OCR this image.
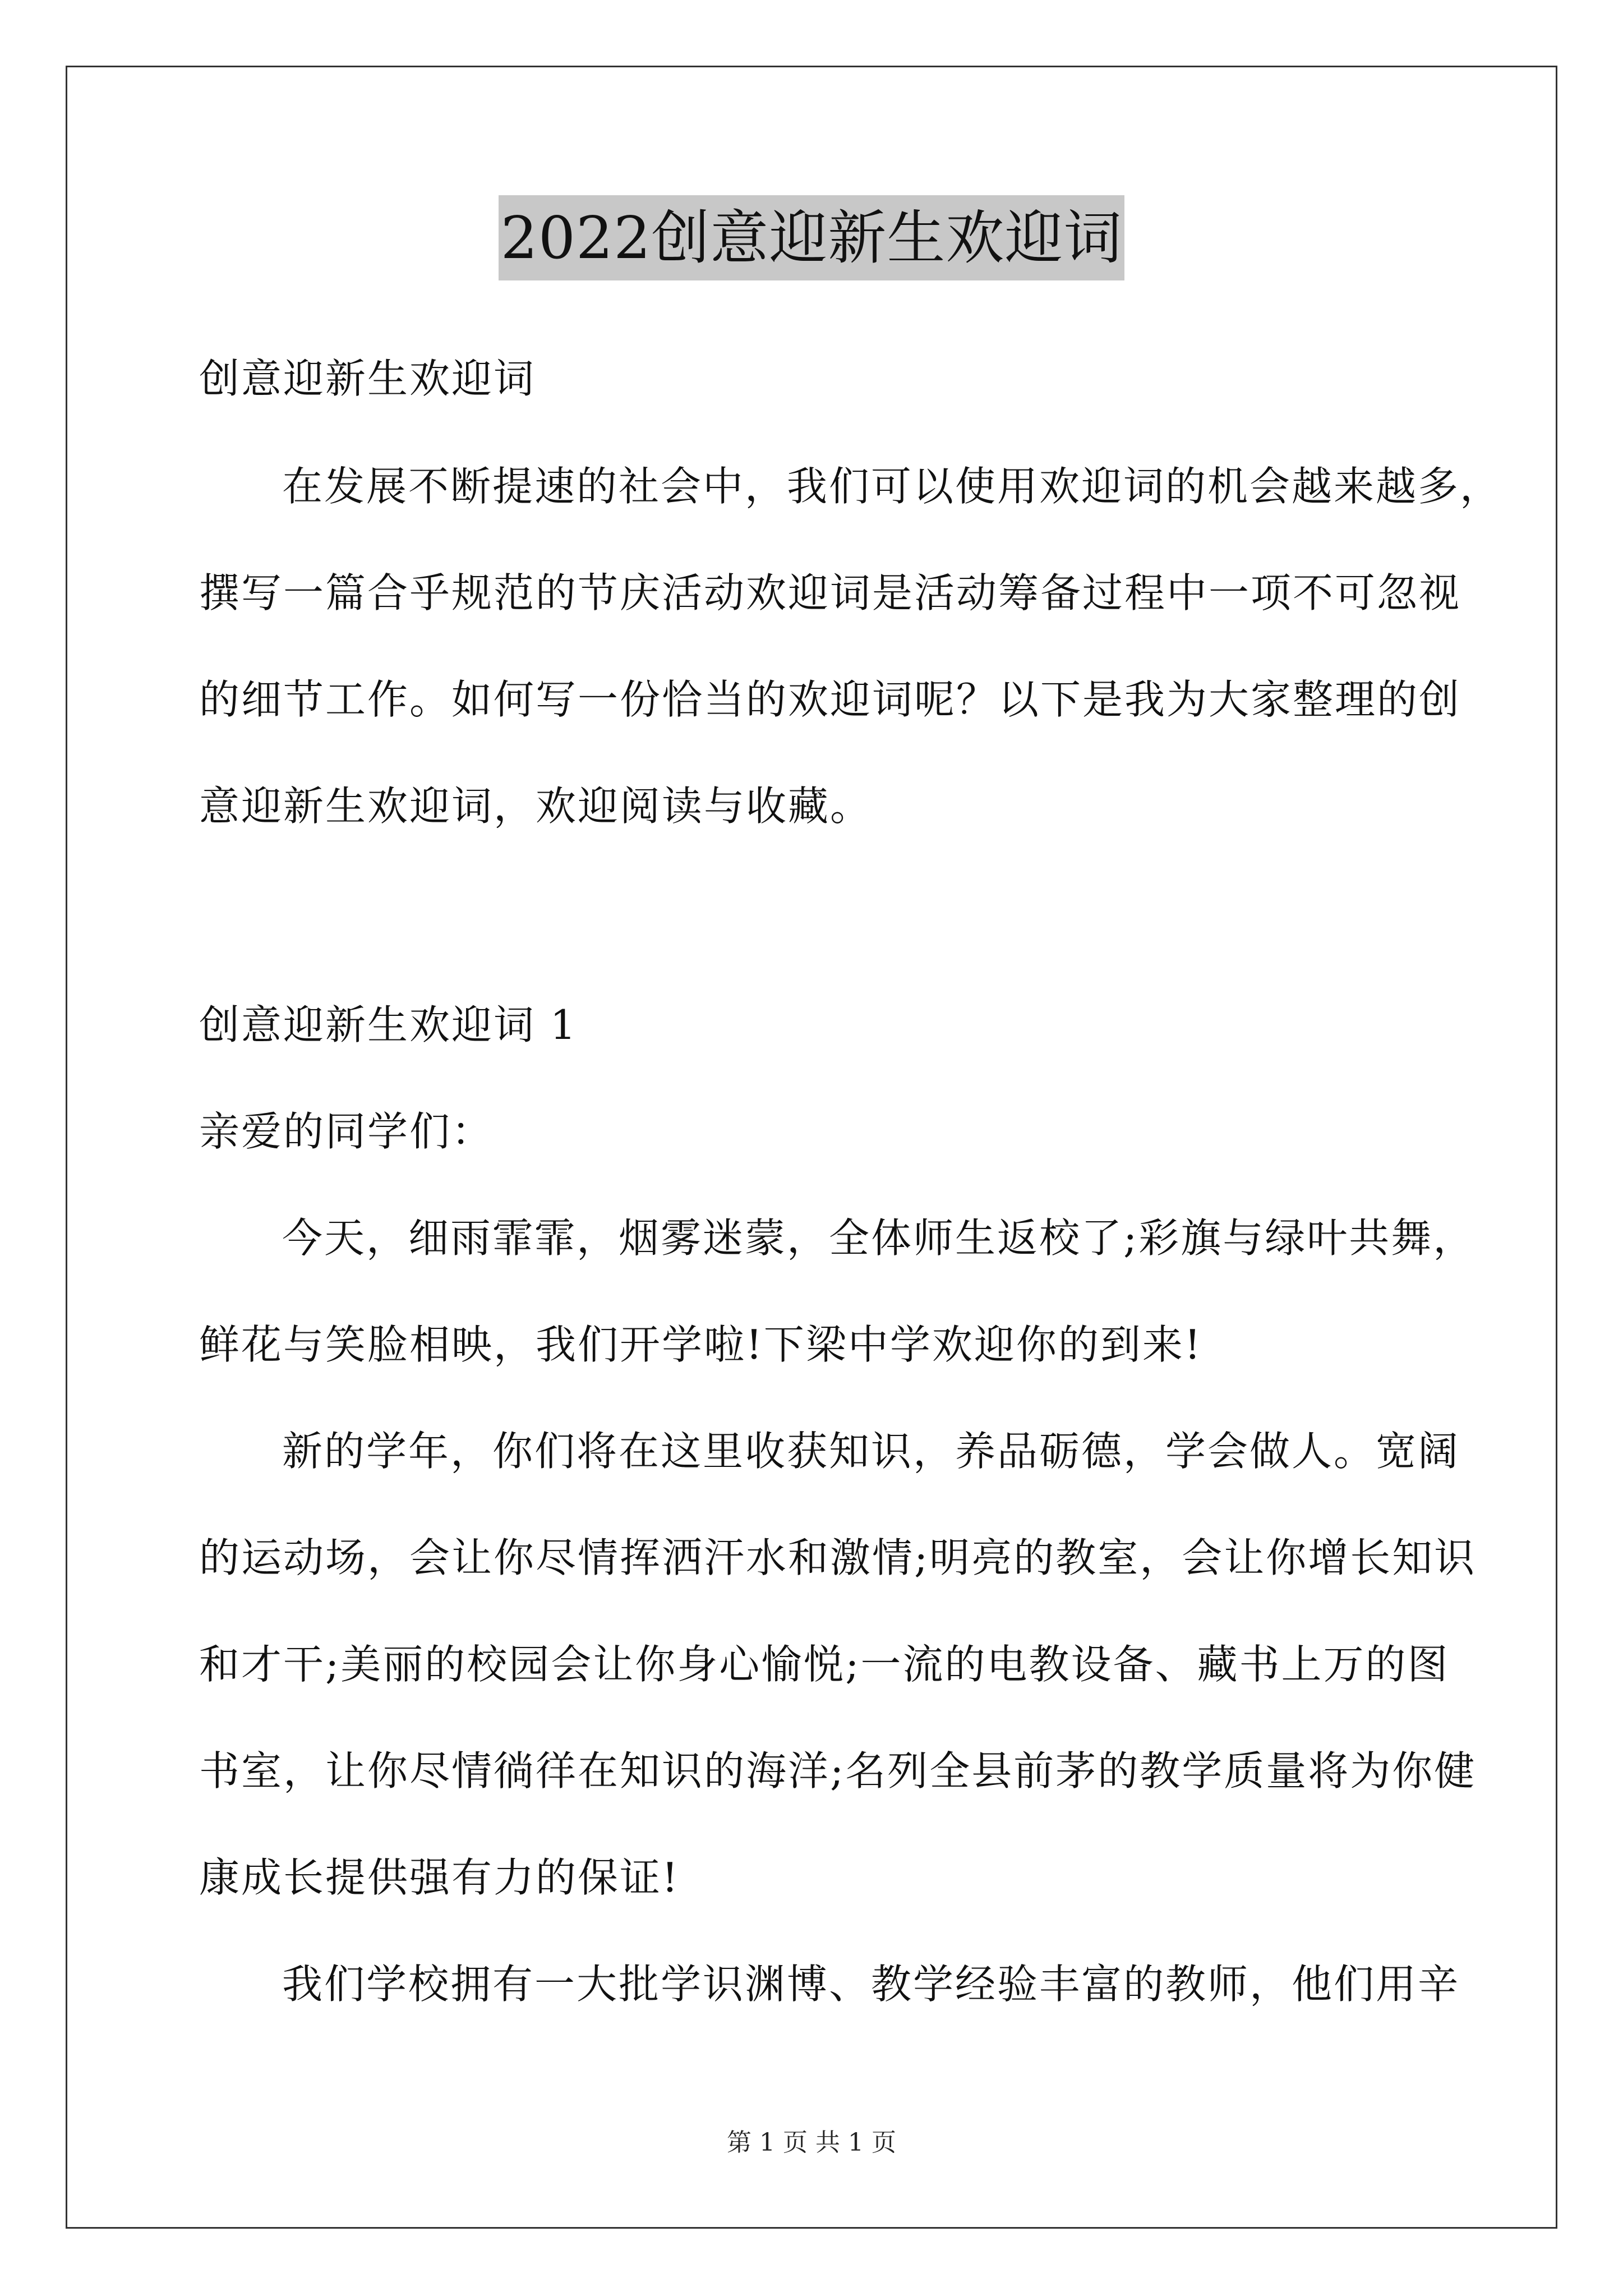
2022创意迎新生欢迎词
创意迎新生欢迎词
在发展不断提速的社会中，我们可以使用欢迎词的机会越来越多，
撰写一篇合乎规范的节庆活动欢迎词是活动筹备过程中一项不可忽视
的细节工作。如何写一份恰当的欢迎词呢？以下是我为大家整理的创
意迎新生欢迎词，欢迎阅读与收藏。
创意迎新生欢迎词 1
亲爱的同学们：
今天，细雨霏霏，烟雾迷蒙，全体师生返校了;彩旗与绿叶共舞，
鲜花与笑脸相映，我们开学啦!下梁中学欢迎你的到来!
新的学年，你们将在这里收获知识，养品砺德，学会做人。宽阔
的运动场，会让你尽情挥洒汗水和激情;明亮的教室，会让你增长知识
和才干;美丽的校园会让你身心愉悦;一流的电教设备、藏书上万的图
书室，让你尽情徜徉在知识的海洋;名列全县前茅的教学质量将为你健
康成长提供强有力的保证!
我们学校拥有一大批学识渊博、教学经验丰富的教师，他们用辛
第 1 页 共 1 页
